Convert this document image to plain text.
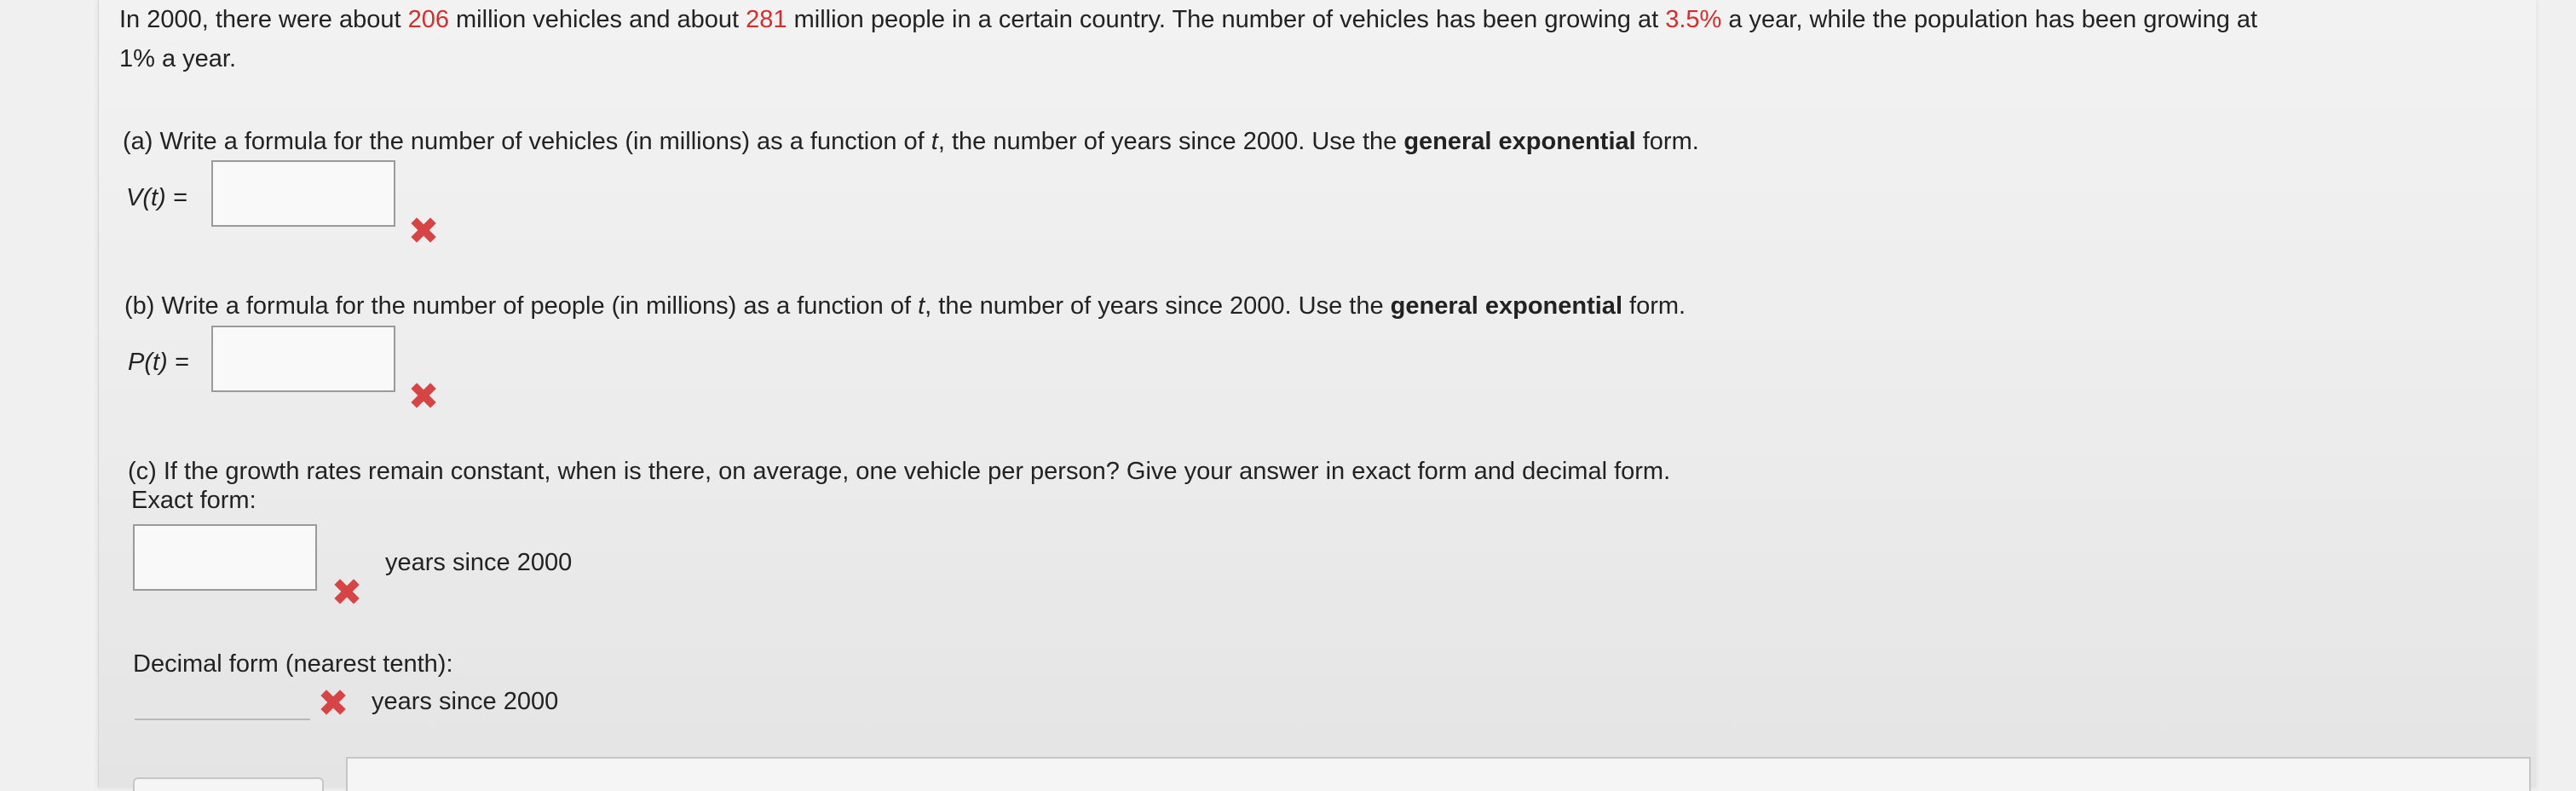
In 2000, there were about 206 million vehicles and about 281 million people in a certain country. The number of vehicles has been growing at 3.5% a year, while the population has been growing at
1% a year.
(a) Write a formula for the number of vehicles (in millions) as a function of t, the number of years since 2000. Use the general exponential form.
V(t) =
✖
(b) Write a formula for the number of people (in millions) as a function of t, the number of years since 2000. Use the general exponential form.
P(t) =
✖
(c) If the growth rates remain constant, when is there, on average, one vehicle per person? Give your answer in exact form and decimal form.
Exact form:
✖
years since 2000
Decimal form (nearest tenth):
✖ years since 2000
